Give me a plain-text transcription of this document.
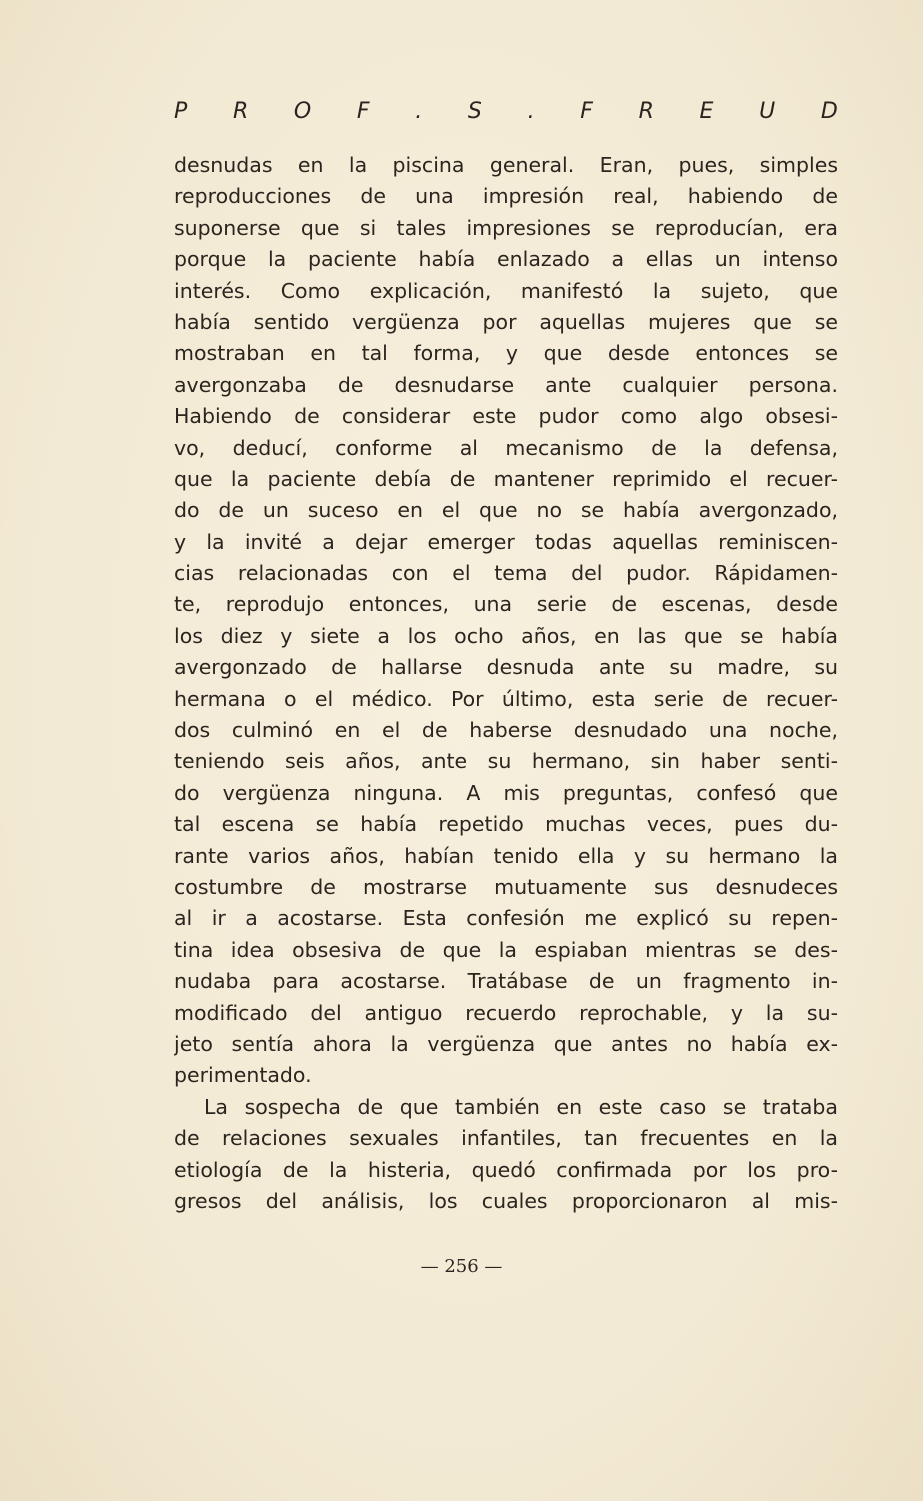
P R O F . S . F R E U D
desnudas en la piscina general. Eran, pues, simples
reproducciones de una impresión real, habiendo de
suponerse que si tales impresiones se reproducían, era
porque la paciente había enlazado a ellas un intenso
interés. Como explicación, manifestó la sujeto, que
había sentido vergüenza por aquellas mujeres que se
mostraban en tal forma, y que desde entonces se
avergonzaba de desnudarse ante cualquier persona.
Habiendo de considerar este pudor como algo obsesi-
vo, deducí, conforme al mecanismo de la defensa,
que la paciente debía de mantener reprimido el recuer-
do de un suceso en el que no se había avergonzado,
y la invité a dejar emerger todas aquellas reminiscen-
cias relacionadas con el tema del pudor. Rápidamen-
te, reprodujo entonces, una serie de escenas, desde
los diez y siete a los ocho años, en las que se había
avergonzado de hallarse desnuda ante su madre, su
hermana o el médico. Por último, esta serie de recuer-
dos culminó en el de haberse desnudado una noche,
teniendo seis años, ante su hermano, sin haber senti-
do vergüenza ninguna. A mis preguntas, confesó que
tal escena se había repetido muchas veces, pues du-
rante varios años, habían tenido ella y su hermano la
costumbre de mostrarse mutuamente sus desnudeces
al ir a acostarse. Esta confesión me explicó su repen-
tina idea obsesiva de que la espiaban mientras se des-
nudaba para acostarse. Tratábase de un fragmento in-
modificado del antiguo recuerdo reprochable, y la su-
jeto sentía ahora la vergüenza que antes no había ex-
perimentado.
La sospecha de que también en este caso se trataba
de relaciones sexuales infantiles, tan frecuentes en la
etiología de la histeria, quedó confirmada por los pro-
gresos del análisis, los cuales proporcionaron al mis-
— 256 —
